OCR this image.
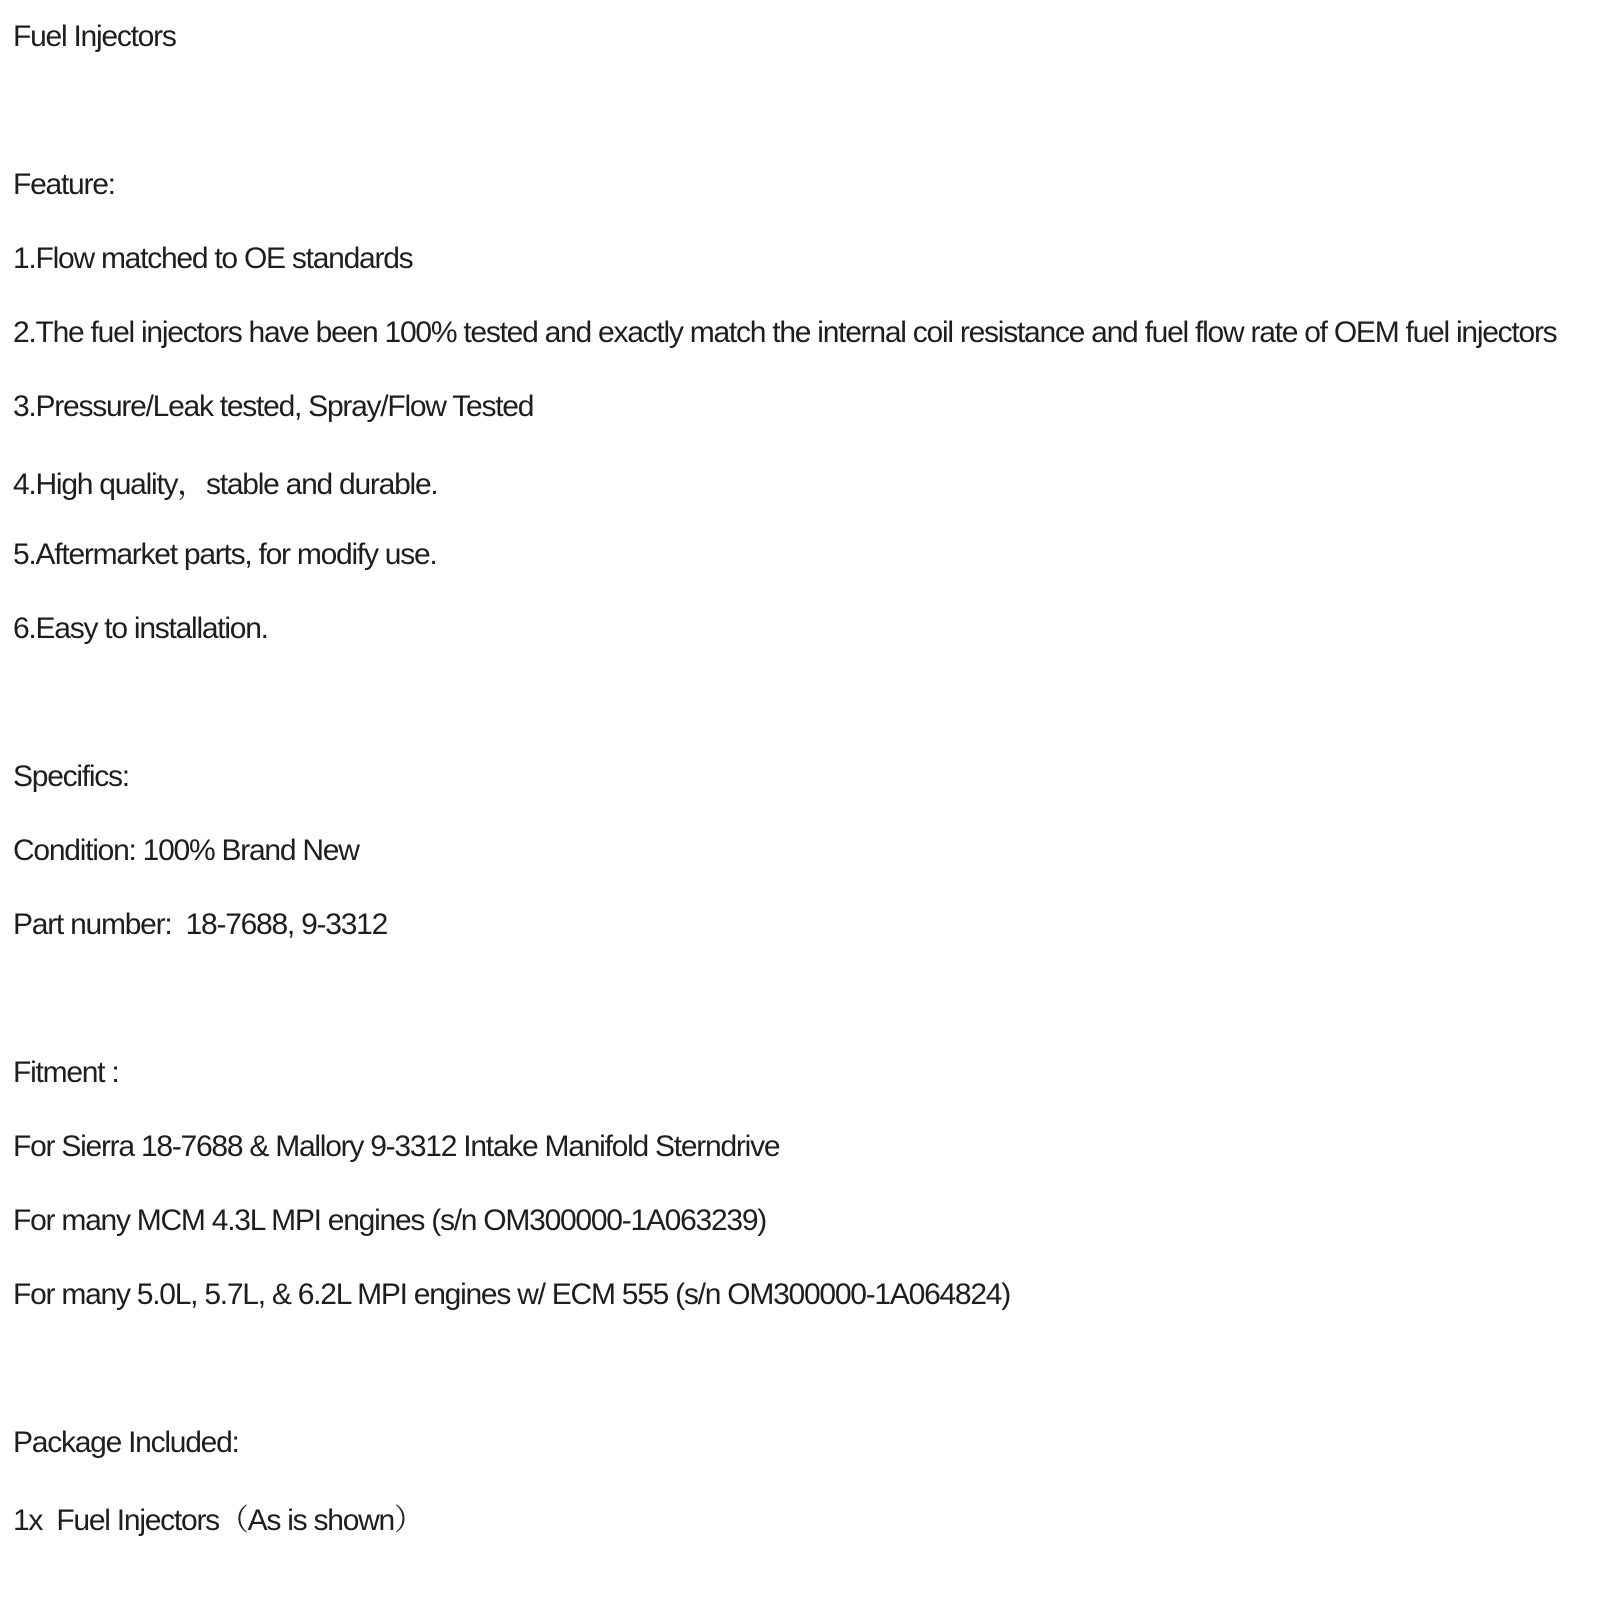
Fuel Injectors
Feature:
1.Flow matched to OE standards
2.The fuel injectors have been 100% tested and exactly match the internal coil resistance and fuel flow rate of OEM fuel injectors
3.Pressure/Leak tested, Spray/Flow Tested
4.High quality，stable and durable.
5.Aftermarket parts, for modify use.
6.Easy to installation.
Specifics:
Condition: 100% Brand New
Part number:  18-7688, 9-3312
Fitment :
For Sierra 18-7688 & Mallory 9-3312 Intake Manifold Sterndrive
For many MCM 4.3L MPI engines (s/n OM300000-1A063239)
For many 5.0L, 5.7L, & 6.2L MPI engines w/ ECM 555 (s/n OM300000-1A064824)
Package Included:
1x  Fuel Injectors（As is shown）
